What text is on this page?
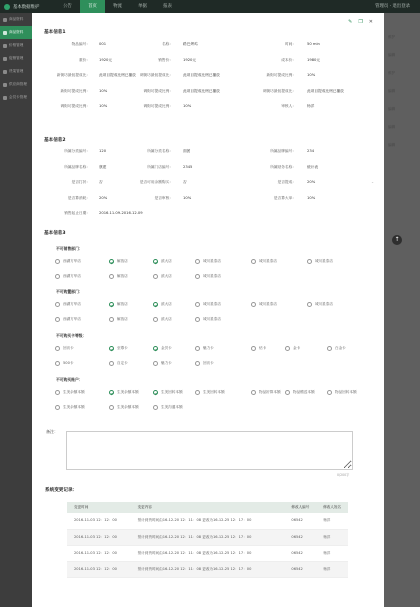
基本数据维护	公告	首页	物流	单据	报表	管理员 · 退出登录
商品资料
商品资料
价格管理
促销管理
货架管理
供应商管理
会员卡管理
维护
编辑
维护
编辑
编辑
编辑
编辑
↑
✎ ❐ ✕
基本信息1
基本信息2
基本信息3
备注：
0/200字
系统变更记录：
变更时间	变更内容	修改人编号	修改人姓名
2016-11-03 12：12：00	预计到货时间由16-12-20 12：11：08 更改为16-12-25 12：17：00	06542	杨洋
2016-11-03 12：12：00	预计到货时间由16-12-20 12：11：08 更改为16-12-25 12：17：00	06542	杨洋
2016-11-03 12：12：00	预计到货时间由16-12-20 12：11：08 更改为16-12-25 12：17：00	06542	杨洋
2016-11-03 12：12：00	预计到货时间由16-12-20 12：11：08 更改为16-12-25 12：17：00	06542	杨洋
物品编号： 001	名称：	路巴烤鸡	时间：	50 min
重价： 1920元	销售价：	1920元	成本价：	1980元
新街坊最低提成比： 此项目提成比例已播放 调街坊最低提成比：	此项目提成比例已播放	新街坊提成比例：	10%
新街坊提成比例： 10%	调街坊提成比例：	此项目提成比例已播放	调街坊最低提成比：	此项目提成比例已播放
调街坊提成比例： 10%	调街坊提成比例：	10%	审核人：	杨洋
所属分类编号： 120	所属分类名称：	面团	所属品牌编号：	234
所属品牌名称： 康建	所属门店编号：	2345	所属财务名称：	统计表
是否打折： 否	是否可用余额购买：	否	是否提成：	20%
是否算消耗： 20%	是否审核：	10%	是否算大单：	10%
销售起止日期： 2016.11.09-2016.12.09
⌄
不可销售部门：
西湖方华店	解放店	滨大店	城川星泰店	城川星泰店	城川星泰店
西湖方华店	解放店	滨大店	城川星泰店
不可购置部门：
西湖方华店	解放店	滨大店	城川星泰店	城川星泰店	城川星泰店
西湖方华店	解放店	滨大店	城川星泰店
不可购买卡等级：
回访卡	至尊卡	金贝卡	魅力卡	钻卡	金卡	白金卡
500卡	自定卡	魅力卡	回访卡
不可购买账户：
生美余额本额	生美余额本额	生美回转本额	生美回转本额	物品折算本额	物品赠送本额	物品回转本额
生美余额本额	生美余额本额	生美沟通本额
